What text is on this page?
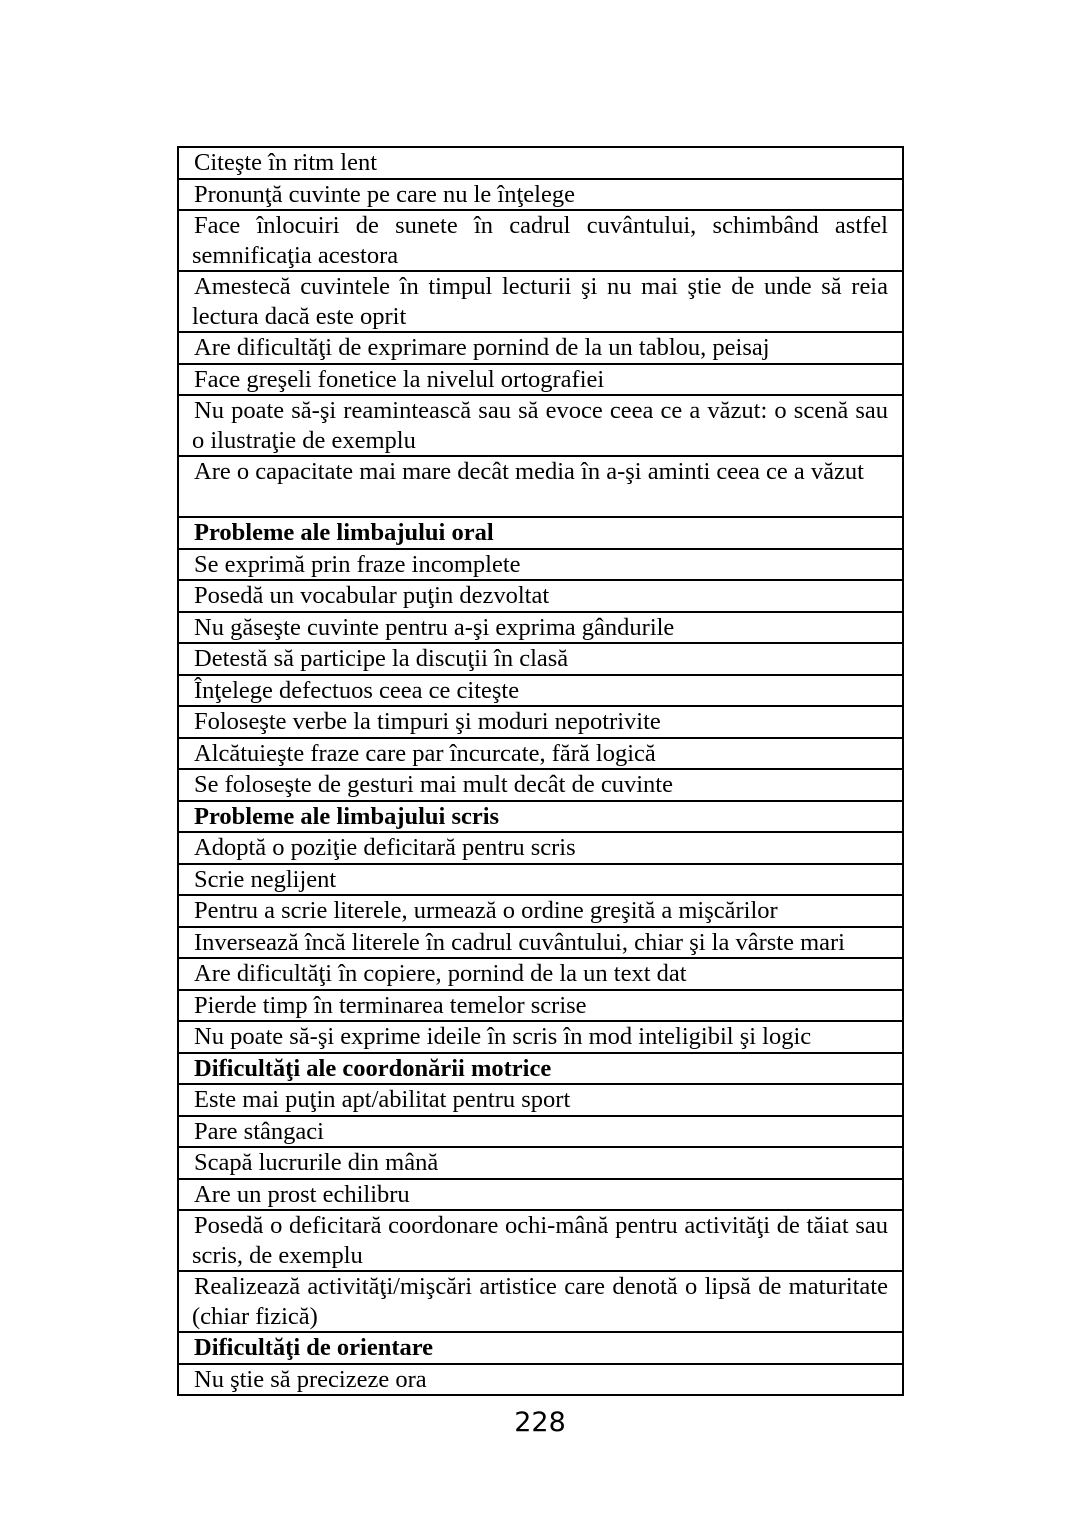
Citeşte în ritm lent
Pronunţă cuvinte pe care nu le înţelege
Face înlocuiri de sunete în cadrul cuvântului, schimbând astfel semnificaţia acestora
Amestecă cuvintele în timpul lecturii şi nu mai ştie de unde să reia lectura dacă este oprit
Are dificultăţi de exprimare pornind de la un tablou, peisaj
Face greşeli fonetice la nivelul ortografiei
Nu poate să-şi reamintească sau să evoce ceea ce a văzut: o scenă sau o ilustraţie de exemplu
Are o capacitate mai mare decât media în a-şi aminti ceea ce a văzut
Probleme ale limbajului oral
Se exprimă prin fraze incomplete
Posedă un vocabular puţin dezvoltat
Nu găseşte cuvinte pentru a-şi exprima gândurile
Detestă să participe la discuţii în clasă
Înţelege defectuos ceea ce citeşte
Foloseşte verbe la timpuri şi moduri nepotrivite
Alcătuieşte fraze care par încurcate, fără logică
Se foloseşte de gesturi mai mult decât de cuvinte
Probleme ale limbajului scris
Adoptă o poziţie deficitară pentru scris
Scrie neglijent
Pentru a scrie literele, urmează o ordine greşită a mişcărilor
Inversează încă literele în cadrul cuvântului, chiar şi la vârste mari
Are dificultăţi în copiere, pornind de la un text dat
Pierde timp în terminarea temelor scrise
Nu poate să-şi exprime ideile în scris în mod inteligibil şi logic
Dificultăţi ale coordonării motrice
Este mai puţin apt/abilitat pentru sport
Pare stângaci
Scapă lucrurile din mână
Are un prost echilibru
Posedă o deficitară coordonare ochi-mână pentru activităţi de tăiat sau scris, de exemplu
Realizează activităţi/mişcări artistice care denotă o lipsă de maturitate (chiar fizică)
Dificultăţi de orientare
Nu ştie să precizeze ora
228
